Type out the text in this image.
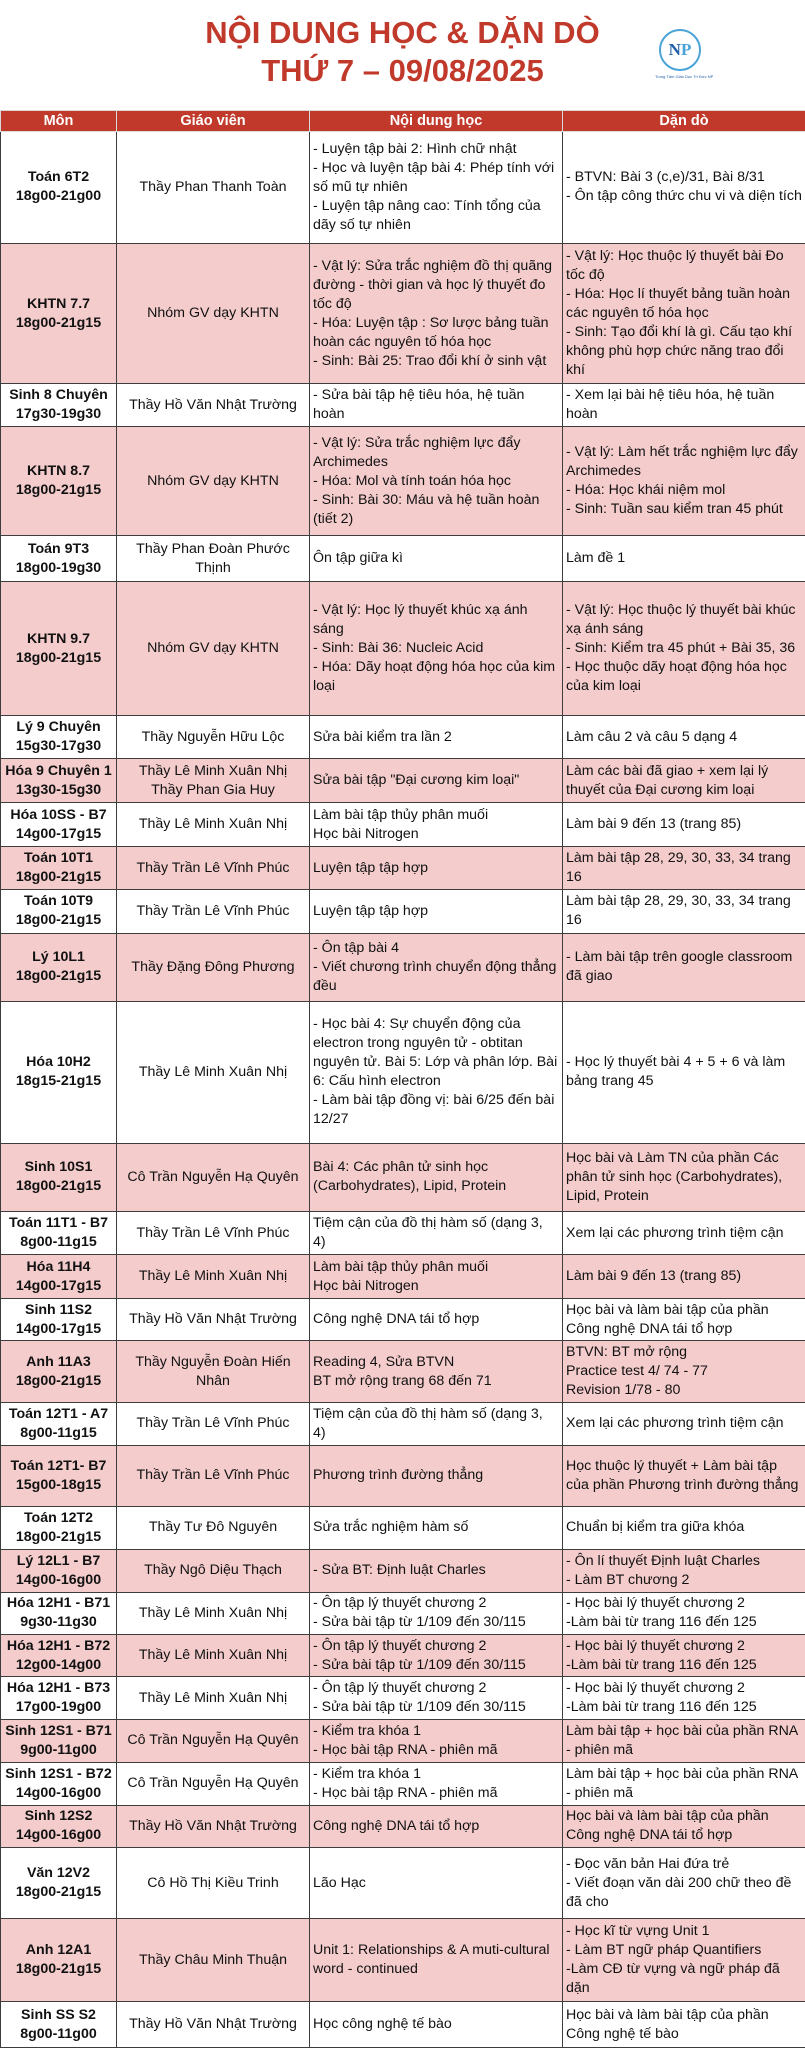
NỘI DUNG HỌC & DẶN DÒ
THỨ 7 – 09/08/2025
NP
Trung Tâm Giáo Dục Trí Đức NP
Môn	Giáo viên	Nội dung học	Dặn dò

Toán 6T2
18g00-21g00	Thầy Phan Thanh Toàn	- Luyện tập bài 2: Hình chữ nhật
- Học và luyện tập bài 4: Phép tính với số mũ tự nhiên
- Luyện tập nâng cao: Tính tổng của dãy số tự nhiên	- BTVN: Bài 3 (c,e)/31, Bài 8/31
- Ôn tập công thức chu vi và diện tích

KHTN 7.7
18g00-21g15	Nhóm GV dạy KHTN	- Vật lý: Sửa trắc nghiệm đồ thị quãng đường - thời gian và học lý thuyết đo tốc độ
- Hóa: Luyện tập : Sơ lược bảng tuần hoàn các nguyên tố hóa học
- Sinh: Bài 25: Trao đổi khí ở sinh vật	- Vật lý: Học thuộc lý thuyết bài Đo tốc độ
- Hóa: Học lí thuyết bảng tuần hoàn các nguyên tố hóa học
- Sinh: Tạo đổi khí là gì. Cấu tạo khí không phù hợp chức năng trao đổi khí

Sinh 8 Chuyên
17g30-19g30	Thầy Hồ Văn Nhật Trường	- Sửa bài tập hệ tiêu hóa, hệ tuần hoàn	- Xem lại bài hệ tiêu hóa, hệ tuần hoàn

KHTN 8.7
18g00-21g15	Nhóm GV dạy KHTN	- Vật lý: Sửa trắc nghiệm lực đẩy Archimedes
- Hóa: Mol và tính toán hóa học
- Sinh: Bài 30: Máu và hệ tuần hoàn (tiết 2)	- Vật lý: Làm hết trắc nghiệm lực đẩy Archimedes
- Hóa: Học khái niệm mol
- Sinh: Tuần sau kiểm tran 45 phút

Toán 9T3
18g00-19g30	Thầy Phan Đoàn Phước Thịnh	Ôn tập giữa kì	Làm đề 1

KHTN 9.7
18g00-21g15	Nhóm GV dạy KHTN	- Vật lý: Học lý thuyết khúc xạ ánh sáng
- Sinh: Bài 36: Nucleic Acid
- Hóa: Dãy hoạt động hóa học của kim loại	- Vật lý: Học thuộc lý thuyết bài khúc xạ ánh sáng
- Sinh: Kiểm tra 45 phút + Bài 35, 36
- Học thuộc dãy hoạt động hóa học của kim loại

Lý 9 Chuyên
15g30-17g30	Thầy Nguyễn Hữu Lộc	Sửa bài kiểm tra lần 2	Làm câu 2 và câu 5 dạng 4

Hóa 9 Chuyên 1
13g30-15g30	Thầy Lê Minh Xuân Nhị
Thầy Phan Gia Huy	Sửa bài tập "Đại cương kim loại"	Làm các bài đã giao + xem lại lý thuyết của Đại cương kim loại

Hóa 10SS - B7
14g00-17g15	Thầy Lê Minh Xuân Nhị	Làm bài tập thủy phân muối
Học bài Nitrogen	Làm bài 9 đến 13 (trang 85)

Toán 10T1
18g00-21g15	Thầy Trần Lê Vĩnh Phúc	Luyện tập tập hợp	Làm bài tập 28, 29, 30, 33, 34 trang 16

Toán 10T9
18g00-21g15	Thầy Trần Lê Vĩnh Phúc	Luyện tập tập hợp	Làm bài tập 28, 29, 30, 33, 34 trang 16

Lý 10L1
18g00-21g15	Thầy Đặng Đông Phương	- Ôn tập bài 4
- Viết chương trình chuyển động thẳng đều	- Làm bài tập trên google classroom đã giao

Hóa 10H2
18g15-21g15	Thầy Lê Minh Xuân Nhị	- Học bài 4: Sự chuyển động của electron trong nguyên tử - obtitan nguyên tử. Bài 5: Lớp và phân lớp. Bài 6: Cấu hình electron
- Làm bài tập đồng vị: bài 6/25 đến bài 12/27	- Học lý thuyết bài 4 + 5 + 6 và làm bảng trang 45

Sinh 10S1
18g00-21g15	Cô Trần Nguyễn Hạ Quyên	Bài 4: Các phân tử sinh học (Carbohydrates), Lipid, Protein	Học bài và Làm TN của phần Các phân tử sinh học (Carbohydrates), Lipid, Protein

Toán 11T1 - B7
8g00-11g15	Thầy Trần Lê Vĩnh Phúc	Tiệm cận của đồ thị hàm số (dạng 3, 4)	Xem lại các phương trình tiệm cận

Hóa 11H4
14g00-17g15	Thầy Lê Minh Xuân Nhị	Làm bài tập thủy phân muối
Học bài Nitrogen	Làm bài 9 đến 13 (trang 85)

Sinh 11S2
14g00-17g15	Thầy Hồ Văn Nhật Trường	Công nghệ DNA tái tổ hợp	Học bài và làm bài tập của phần Công nghệ DNA tái tổ hợp

Anh 11A3
18g00-21g15	Thầy Nguyễn Đoàn Hiến Nhân	Reading 4, Sửa BTVN
BT mở rộng trang 68 đến 71	BTVN: BT mở rộng
Practice test 4/ 74 - 77
Revision 1/78 - 80

Toán 12T1 - A7
8g00-11g15	Thầy Trần Lê Vĩnh Phúc	Tiệm cận của đồ thị hàm số (dạng 3, 4)	Xem lại các phương trình tiệm cận

Toán 12T1- B7
15g00-18g15	Thầy Trần Lê Vĩnh Phúc	Phương trình đường thẳng	Học thuộc lý thuyết + Làm bài tập của phần Phương trình đường thẳng

Toán 12T2
18g00-21g15	Thầy Tư Đô Nguyên	Sửa trắc nghiệm hàm số	Chuẩn bị kiểm tra giữa khóa

Lý 12L1 - B7
14g00-16g00	Thầy Ngô Diệu Thạch	- Sửa BT: Định luật Charles	- Ôn lí thuyết Định luật Charles
- Làm BT chương 2

Hóa 12H1 - B71
9g30-11g30	Thầy Lê Minh Xuân Nhị	- Ôn tập lý thuyết chương 2
- Sửa bài tập từ 1/109 đến 30/115	- Học bài lý thuyết chương 2
-Làm bài từ trang 116 đến 125

Hóa 12H1 - B72
12g00-14g00	Thầy Lê Minh Xuân Nhị	- Ôn tập lý thuyết chương 2
- Sửa bài tập từ 1/109 đến 30/115	- Học bài lý thuyết chương 2
-Làm bài từ trang 116 đến 125

Hóa 12H1 - B73
17g00-19g00	Thầy Lê Minh Xuân Nhị	- Ôn tập lý thuyết chương 2
- Sửa bài tập từ 1/109 đến 30/115	- Học bài lý thuyết chương 2
-Làm bài từ trang 116 đến 125

Sinh 12S1 - B71
9g00-11g00	Cô Trần Nguyễn Hạ Quyên	- Kiểm tra khóa 1
- Học bài tập RNA - phiên mã	Làm bài tập + học bài của phần RNA - phiên mã

Sinh 12S1 - B72
14g00-16g00	Cô Trần Nguyễn Hạ Quyên	- Kiểm tra khóa 1
- Học bài tập RNA - phiên mã	Làm bài tập + học bài của phần RNA - phiên mã

Sinh 12S2
14g00-16g00	Thầy Hồ Văn Nhật Trường	Công nghệ DNA tái tổ hợp	Học bài và làm bài tập của phần Công nghệ DNA tái tổ hợp

Văn 12V2
18g00-21g15	Cô Hồ Thị Kiều Trinh	Lão Hạc	- Đọc văn bản Hai đứa trẻ
- Viết đoạn văn dài 200 chữ theo đề đã cho

Anh 12A1
18g00-21g15	Thầy Châu Minh Thuận	Unit 1: Relationships & A muti-cultural word - continued	- Học kĩ từ vựng Unit 1
- Làm BT ngữ pháp Quantifiers
-Làm CĐ từ vựng và ngữ pháp đã dặn

Sinh SS S2
8g00-11g00	Thầy Hồ Văn Nhật Trường	Học công nghệ tế bào	Học bài và làm bài tập của phần Công nghệ tế bào
